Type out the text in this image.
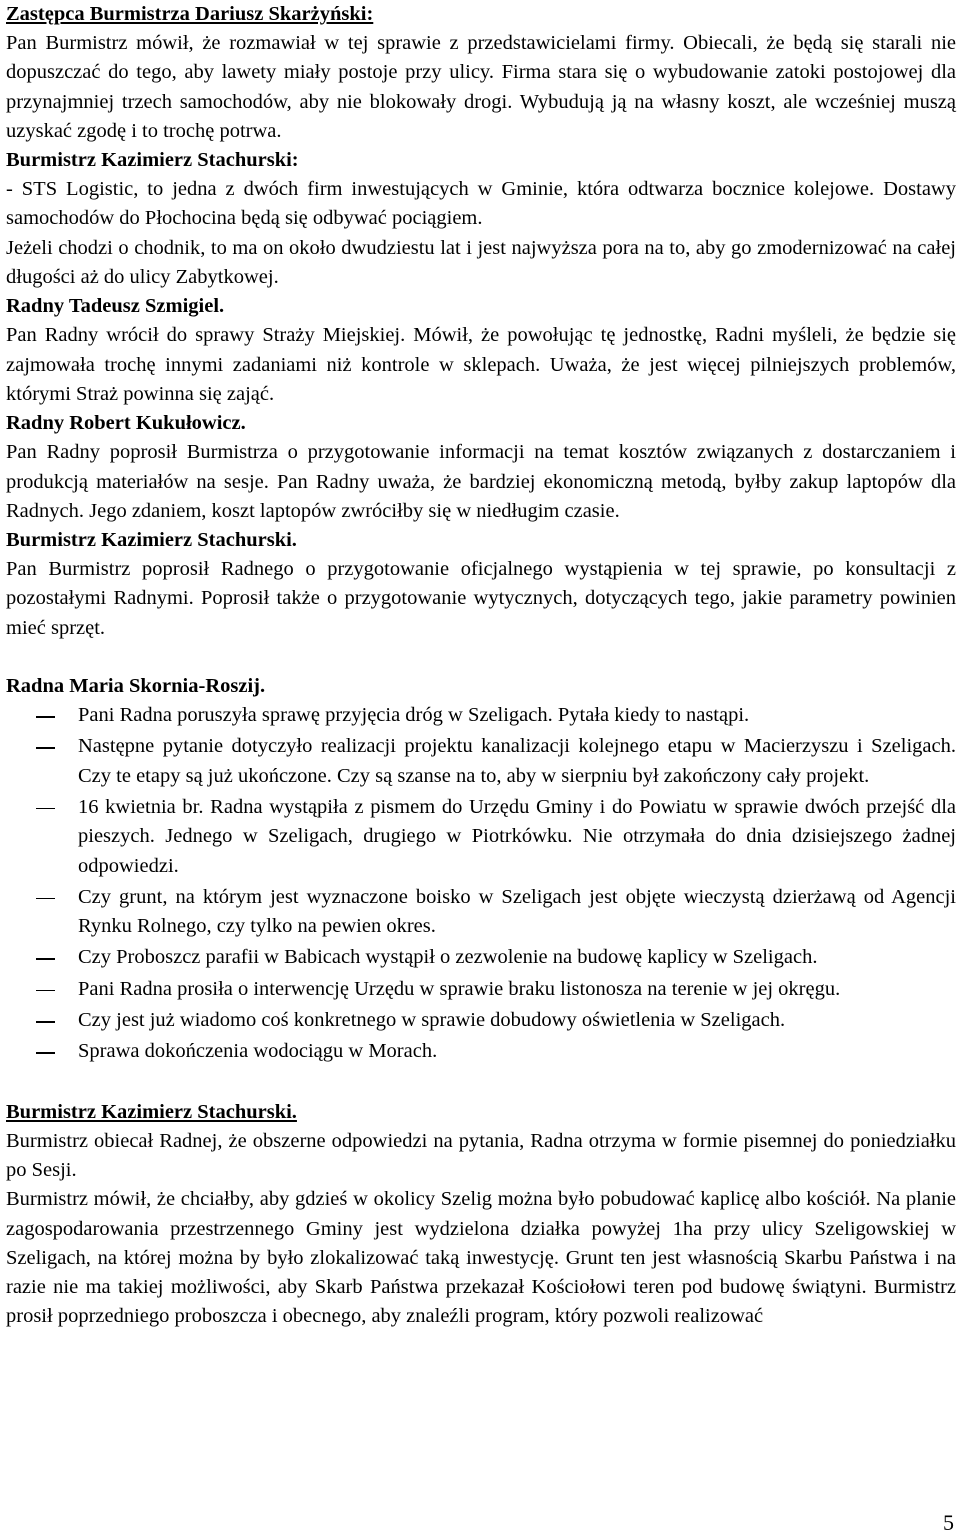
Zastępca Burmistrza Dariusz Skarżyński:

Pan Burmistrz mówił, że rozmawiał w tej sprawie z przedstawicielami firmy. Obiecali, że będą się starali nie dopuszczać do tego, aby lawety miały postoje przy ulicy. Firma stara się o wybudowanie zatoki postojowej dla przynajmniej trzech samochodów, aby nie blokowały drogi. Wybudują ją na własny koszt, ale wcześniej muszą uzyskać zgodę i to trochę potrwa.

Burmistrz Kazimierz Stachurski:

- STS Logistic, to jedna z dwóch firm inwestujących w Gminie, która odtwarza bocznice kolejowe. Dostawy samochodów do Płochocina będą się odbywać pociągiem.

Jeżeli chodzi o chodnik, to ma on około dwudziestu lat i jest najwyższa pora na to, aby go zmodernizować na całej długości aż do ulicy Zabytkowej.

Radny Tadeusz Szmigiel.

Pan Radny wrócił do sprawy Straży Miejskiej. Mówił, że powołując tę jednostkę, Radni myśleli, że będzie się zajmowała trochę innymi zadaniami niż kontrole w sklepach. Uważa, że jest więcej pilniejszych problemów, którymi Straż powinna się zająć.

Radny Robert Kukułowicz.

Pan Radny poprosił Burmistrza o przygotowanie informacji na temat kosztów związanych z dostarczaniem i produkcją materiałów na sesje. Pan Radny uważa, że bardziej ekonomiczną metodą, byłby zakup laptopów dla Radnych. Jego zdaniem, koszt laptopów zwróciłby się w niedługim czasie.

Burmistrz Kazimierz Stachurski.

Pan Burmistrz poprosił Radnego o przygotowanie oficjalnego wystąpienia w tej sprawie, po konsultacji z pozostałymi Radnymi. Poprosił także o przygotowanie wytycznych, dotyczących tego, jakie parametry powinien mieć sprzęt.

Radna Maria Skornia-Roszij.
Pani Radna poruszyła sprawę przyjęcia dróg w Szeligach. Pytała kiedy to nastąpi.
Następne pytanie dotyczyło realizacji projektu kanalizacji kolejnego etapu w Macierzyszu i Szeligach. Czy te etapy są już ukończone. Czy są szanse na to, aby w sierpniu był zakończony cały projekt.
16 kwietnia br. Radna wystąpiła z pismem do Urzędu Gminy i do Powiatu w sprawie dwóch przejść dla pieszych. Jednego w Szeligach, drugiego w Piotrkówku. Nie otrzymała do dnia dzisiejszego żadnej odpowiedzi.
Czy grunt, na którym jest wyznaczone boisko w Szeligach jest objęte wieczystą dzierżawą od Agencji Rynku Rolnego, czy tylko na pewien okres.
Czy Proboszcz parafii w Babicach wystąpił o zezwolenie na budowę kaplicy w Szeligach.
Pani Radna prosiła o interwencję Urzędu w sprawie braku listonosza na terenie w jej okręgu.
Czy jest już wiadomo coś konkretnego w sprawie dobudowy oświetlenia w Szeligach.
Sprawa dokończenia wodociągu w Morach.
Burmistrz Kazimierz Stachurski.

Burmistrz obiecał Radnej, że obszerne odpowiedzi na pytania, Radna otrzyma w formie pisemnej do poniedziałku po Sesji.

Burmistrz mówił, że chciałby, aby gdzieś w okolicy Szelig można było pobudować kaplicę albo kościół. Na planie zagospodarowania przestrzennego Gminy jest wydzielona działka powyżej 1ha przy ulicy Szeligowskiej w Szeligach, na której można by było zlokalizować taką inwestycję. Grunt ten jest własnością Skarbu Państwa i na razie nie ma takiej możliwości, aby Skarb Państwa przekazał Kościołowi teren pod budowę świątyni. Burmistrz prosił poprzedniego proboszcza i obecnego, aby znaleźli program, który pozwoli realizować

5
